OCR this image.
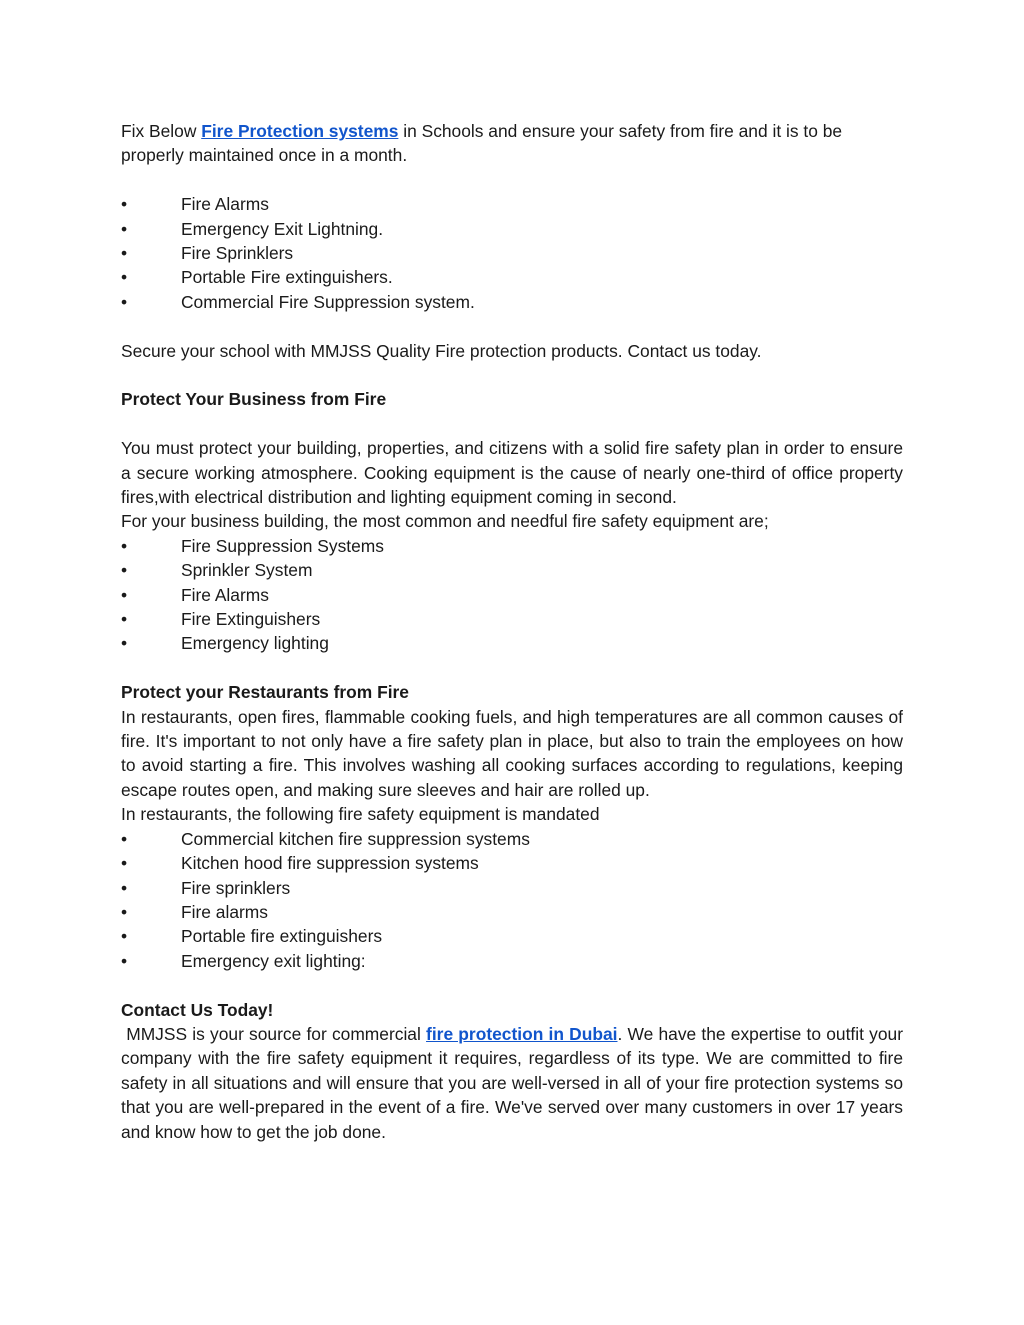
Fix Below Fire Protection systems in Schools and ensure your safety from fire and it is to be properly maintained once in a month.

•	Fire Alarms
•	Emergency Exit Lightning.
•	Fire Sprinklers
•	Portable Fire extinguishers.
•	Commercial Fire Suppression system.

Secure your school with MMJSS Quality Fire protection products. Contact us today.

Protect Your Business from Fire

You must protect your building, properties, and citizens with a solid fire safety plan in order to ensure a secure working atmosphere. Cooking equipment is the cause of nearly one-third of office property fires,with electrical distribution and lighting equipment coming in second.

For your business building, the most common and needful fire safety equipment are;

•	Fire Suppression Systems
•	Sprinkler System
•	Fire Alarms
•	Fire Extinguishers
•	Emergency lighting

Protect your Restaurants from Fire

In restaurants, open fires, flammable cooking fuels, and high temperatures are all common causes of fire. It's important to not only have a fire safety plan in place, but also to train the employees on how to avoid starting a fire. This involves washing all cooking surfaces according to regulations, keeping escape routes open, and making sure sleeves and hair are rolled up.

In restaurants, the following fire safety equipment is mandated

•	Commercial kitchen fire suppression systems
•	Kitchen hood fire suppression systems
•	Fire sprinklers
•	Fire alarms
•	Portable fire extinguishers
•	Emergency exit lighting:

Contact Us Today!

MMJSS is your source for commercial fire protection in Dubai. We have the expertise to outfit your company with the fire safety equipment it requires, regardless of its type. We are committed to fire safety in all situations and will ensure that you are well-versed in all of your fire protection systems so that you are well-prepared in the event of a fire. We've served over many customers in over 17 years and know how to get the job done.
